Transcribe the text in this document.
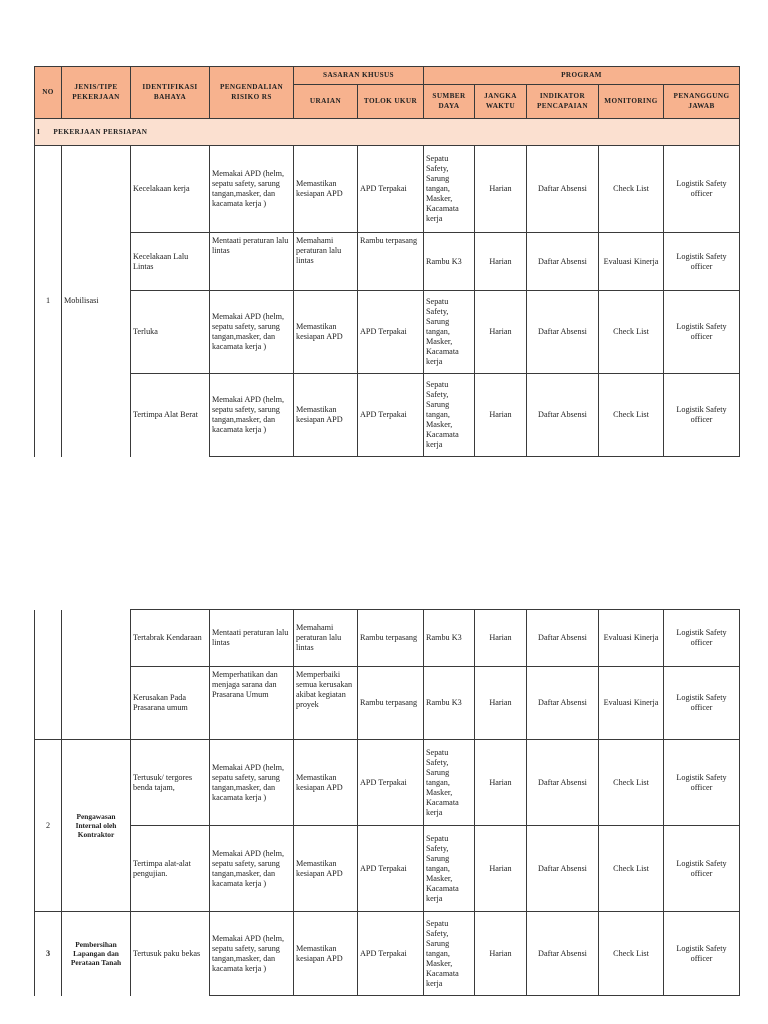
NO	JENIS/TIPE PEKERJAAN	IDENTIFIKASI BAHAYA	PENGENDALIAN RISIKO RS	SASARAN KHUSUS		PROGRAM				
				URAIAN	TOLOK UKUR	SUMBER DAYA	JANGKA WAKTU	INDIKATOR PENCAPAIAN	MONITORING	PENANGGUNG JAWAB
I PEKERJAAN PERSIAPAN										
1	Mobilisasi	Kecelakaan kerja	Memakai APD (helm, sepatu safety, sarung tangan,masker, dan kacamata kerja )	Memastikan kesiapan APD	APD Terpakai	Sepatu Safety, Sarung tangan, Masker, Kacamata kerja	Harian	Daftar Absensi	Check List	Logistik Safety officer
		Kecelakaan Lalu Lintas	Mentaati peraturan lalu lintas	Memahami peraturan lalu lintas	Rambu terpasang	Rambu K3	Harian	Daftar Absensi	Evaluasi Kinerja	Logistik Safety officer
		Terluka	Memakai APD (helm, sepatu safety, sarung tangan,masker, dan kacamata kerja )	Memastikan kesiapan APD	APD Terpakai	Sepatu Safety, Sarung tangan, Masker, Kacamata kerja	Harian	Daftar Absensi	Check List	Logistik Safety officer
		Tertimpa Alat Berat	Memakai APD (helm, sepatu safety, sarung tangan,masker, dan kacamata kerja )	Memastikan kesiapan APD	APD Terpakai	Sepatu Safety, Sarung tangan, Masker, Kacamata kerja	Harian	Daftar Absensi	Check List	Logistik Safety officer
		Tertabrak Kendaraan	Mentaati peraturan lalu lintas	Memahami peraturan lalu lintas	Rambu terpasang	Rambu K3	Harian	Daftar Absensi	Evaluasi Kinerja	Logistik Safety officer
		Kerusakan Pada Prasarana umum	Memperhatikan dan menjaga sarana dan Prasarana Umum	Memperbaiki semua kerusakan akibat kegiatan proyek	Rambu terpasang	Rambu K3	Harian	Daftar Absensi	Evaluasi Kinerja	Logistik Safety officer
2	Pengawasan Internal oleh Kontraktor	Tertusuk/ tergores benda tajam,	Memakai APD (helm, sepatu safety, sarung tangan,masker, dan kacamata kerja )	Memastikan kesiapan APD	APD Terpakai	Sepatu Safety, Sarung tangan, Masker, Kacamata kerja	Harian	Daftar Absensi	Check List	Logistik Safety officer
		Tertimpa alat-alat pengujian.	Memakai APD (helm, sepatu safety, sarung tangan,masker, dan kacamata kerja )	Memastikan kesiapan APD	APD Terpakai	Sepatu Safety, Sarung tangan, Masker, Kacamata kerja	Harian	Daftar Absensi	Check List	Logistik Safety officer
3	Pembersihan Lapangan dan Perataan Tanah	Tertusuk paku bekas	Memakai APD (helm, sepatu safety, sarung tangan,masker, dan kacamata kerja )	Memastikan kesiapan APD	APD Terpakai	Sepatu Safety, Sarung tangan, Masker, Kacamata kerja	Harian	Daftar Absensi	Check List	Logistik Safety officer
